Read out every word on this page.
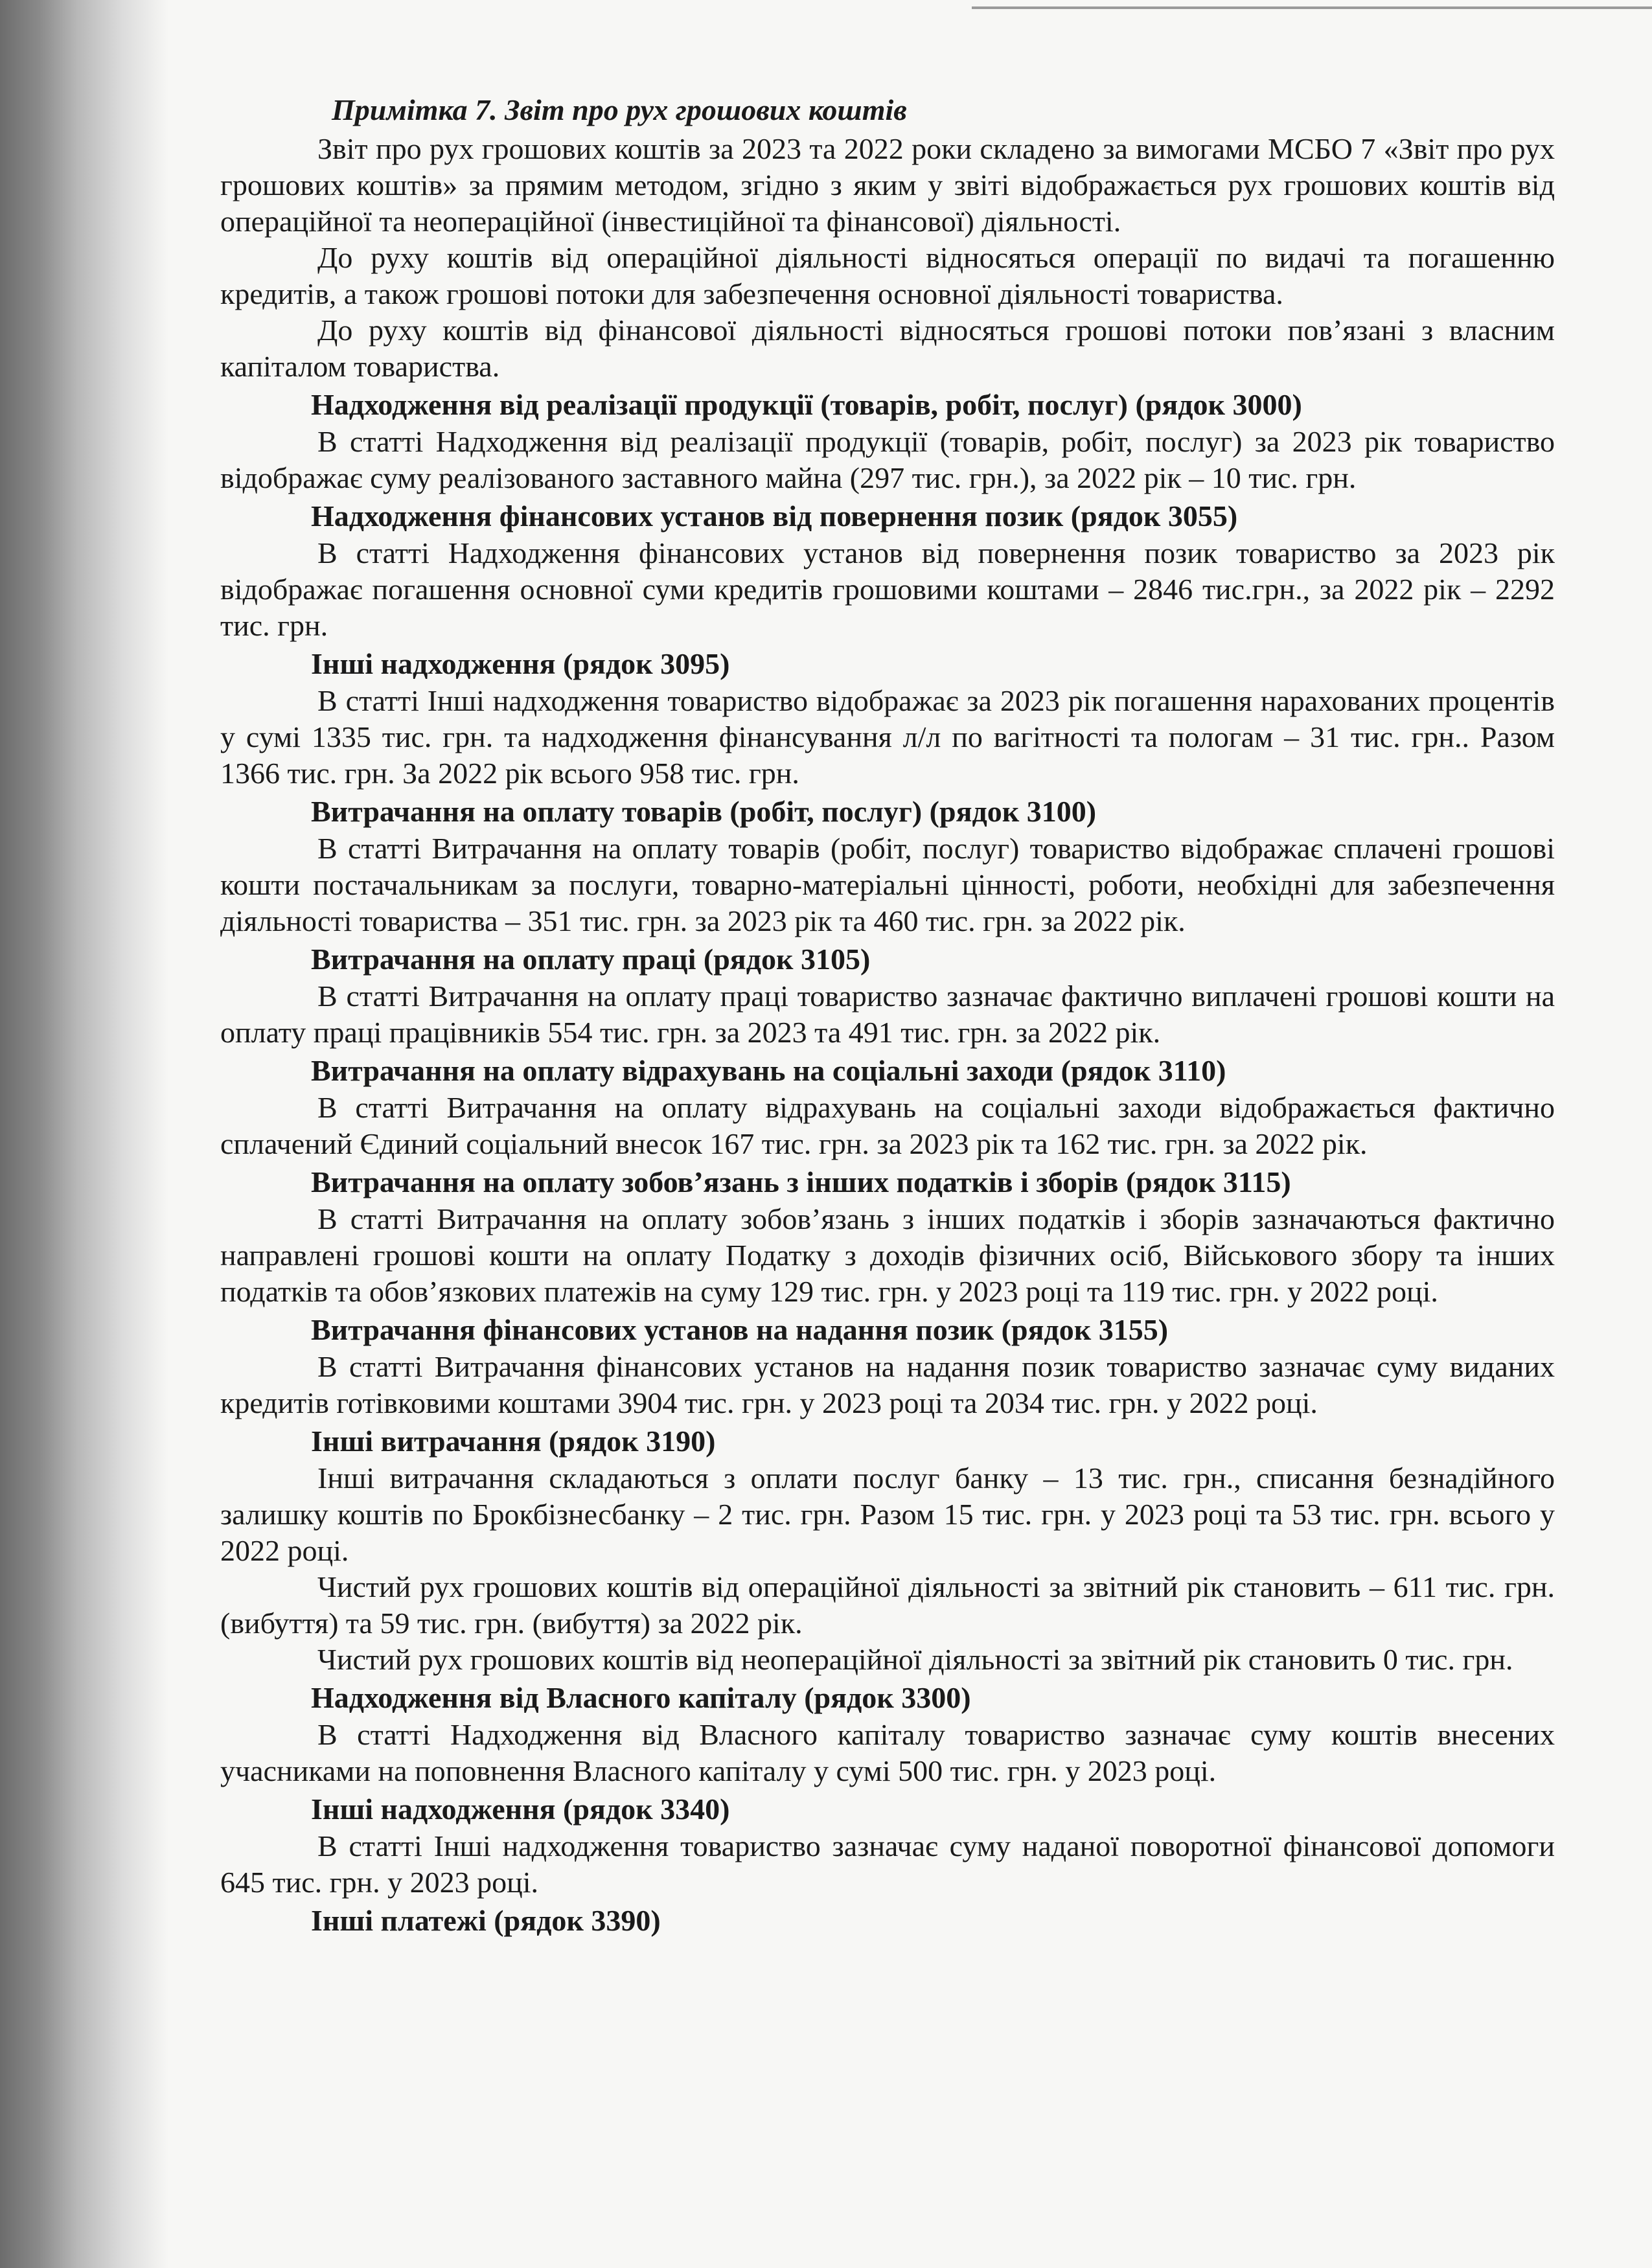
Примітка 7. Звіт про рух грошових коштів

Звіт про рух грошових коштів за 2023 та 2022 роки складено за вимогами МСБО 7 «Звіт про рух грошових коштів» за прямим методом, згідно з яким у звіті відображається рух грошових коштів від операційної та неопераційної (інвестиційної та фінансової) діяльності.

До руху коштів від операційної діяльності відносяться операції по видачі та погашенню кредитів, а також грошові потоки для забезпечення основної діяльності товариства.

До руху коштів від фінансової діяльності відносяться грошові потоки пов’язані з власним капіталом товариства.

Надходження від реалізації продукції (товарів, робіт, послуг) (рядок 3000)

В статті Надходження від реалізації продукції (товарів, робіт, послуг) за 2023 рік товариство відображає суму реалізованого заставного майна (297 тис. грн.), за 2022 рік – 10 тис. грн.

Надходження фінансових установ від повернення позик (рядок 3055)

В статті Надходження фінансових установ від повернення позик товариство за 2023 рік відображає погашення основної суми кредитів грошовими коштами – 2846 тис.грн., за 2022 рік – 2292 тис. грн.

Інші надходження (рядок 3095)

В статті Інші надходження товариство відображає за 2023 рік погашення нарахованих процентів у сумі 1335 тис. грн. та надходження фінансування л/л по вагітності та пологам – 31 тис. грн.. Разом 1366 тис. грн. За 2022 рік всього 958 тис. грн.

Витрачання на оплату товарів (робіт, послуг) (рядок 3100)

В статті Витрачання на оплату товарів (робіт, послуг) товариство відображає сплачені грошові кошти постачальникам за послуги, товарно-матеріальні цінності, роботи, необхідні для забезпечення діяльності товариства – 351 тис. грн. за 2023 рік та 460 тис. грн. за 2022 рік.

Витрачання на оплату праці (рядок 3105)

В статті Витрачання на оплату праці товариство зазначає фактично виплачені грошові кошти на оплату праці працівників 554 тис. грн. за 2023 та 491 тис. грн. за 2022 рік.

Витрачання на оплату відрахувань на соціальні заходи (рядок 3110)

В статті Витрачання на оплату відрахувань на соціальні заходи відображається фактично сплачений Єдиний соціальний внесок 167 тис. грн. за 2023 рік та 162 тис. грн. за 2022 рік.

Витрачання на оплату зобов’язань з інших податків і зборів (рядок 3115)

В статті Витрачання на оплату зобов’язань з інших податків і зборів зазначаються фактично направлені грошові кошти на оплату Податку з доходів фізичних осіб, Військового збору та інших податків та обов’язкових платежів на суму 129 тис. грн. у 2023 році та 119 тис. грн. у 2022 році.

Витрачання фінансових установ на надання позик (рядок 3155)

В статті Витрачання фінансових установ на надання позик товариство зазначає суму виданих кредитів готівковими коштами 3904 тис. грн. у 2023 році та 2034 тис. грн. у 2022 році.

Інші витрачання (рядок 3190)

Інші витрачання складаються з оплати послуг банку – 13 тис. грн., списання безнадійного залишку коштів по Брокбізнесбанку – 2 тис. грн. Разом 15 тис. грн. у 2023 році та 53 тис. грн. всього у 2022 році.

Чистий рух грошових коштів від операційної діяльності за звітний рік становить – 611 тис. грн. (вибуття) та 59 тис. грн. (вибуття) за 2022 рік.

Чистий рух грошових коштів від неопераційної діяльності за звітний рік становить 0 тис. грн.

Надходження від Власного капіталу (рядок 3300)

В статті Надходження від Власного капіталу товариство зазначає суму коштів внесених учасниками на поповнення Власного капіталу у сумі 500 тис. грн. у 2023 році.

Інші надходження (рядок 3340)

В статті Інші надходження товариство зазначає суму наданої поворотної фінансової допомоги 645 тис. грн. у 2023 році.

Інші платежі (рядок 3390)
